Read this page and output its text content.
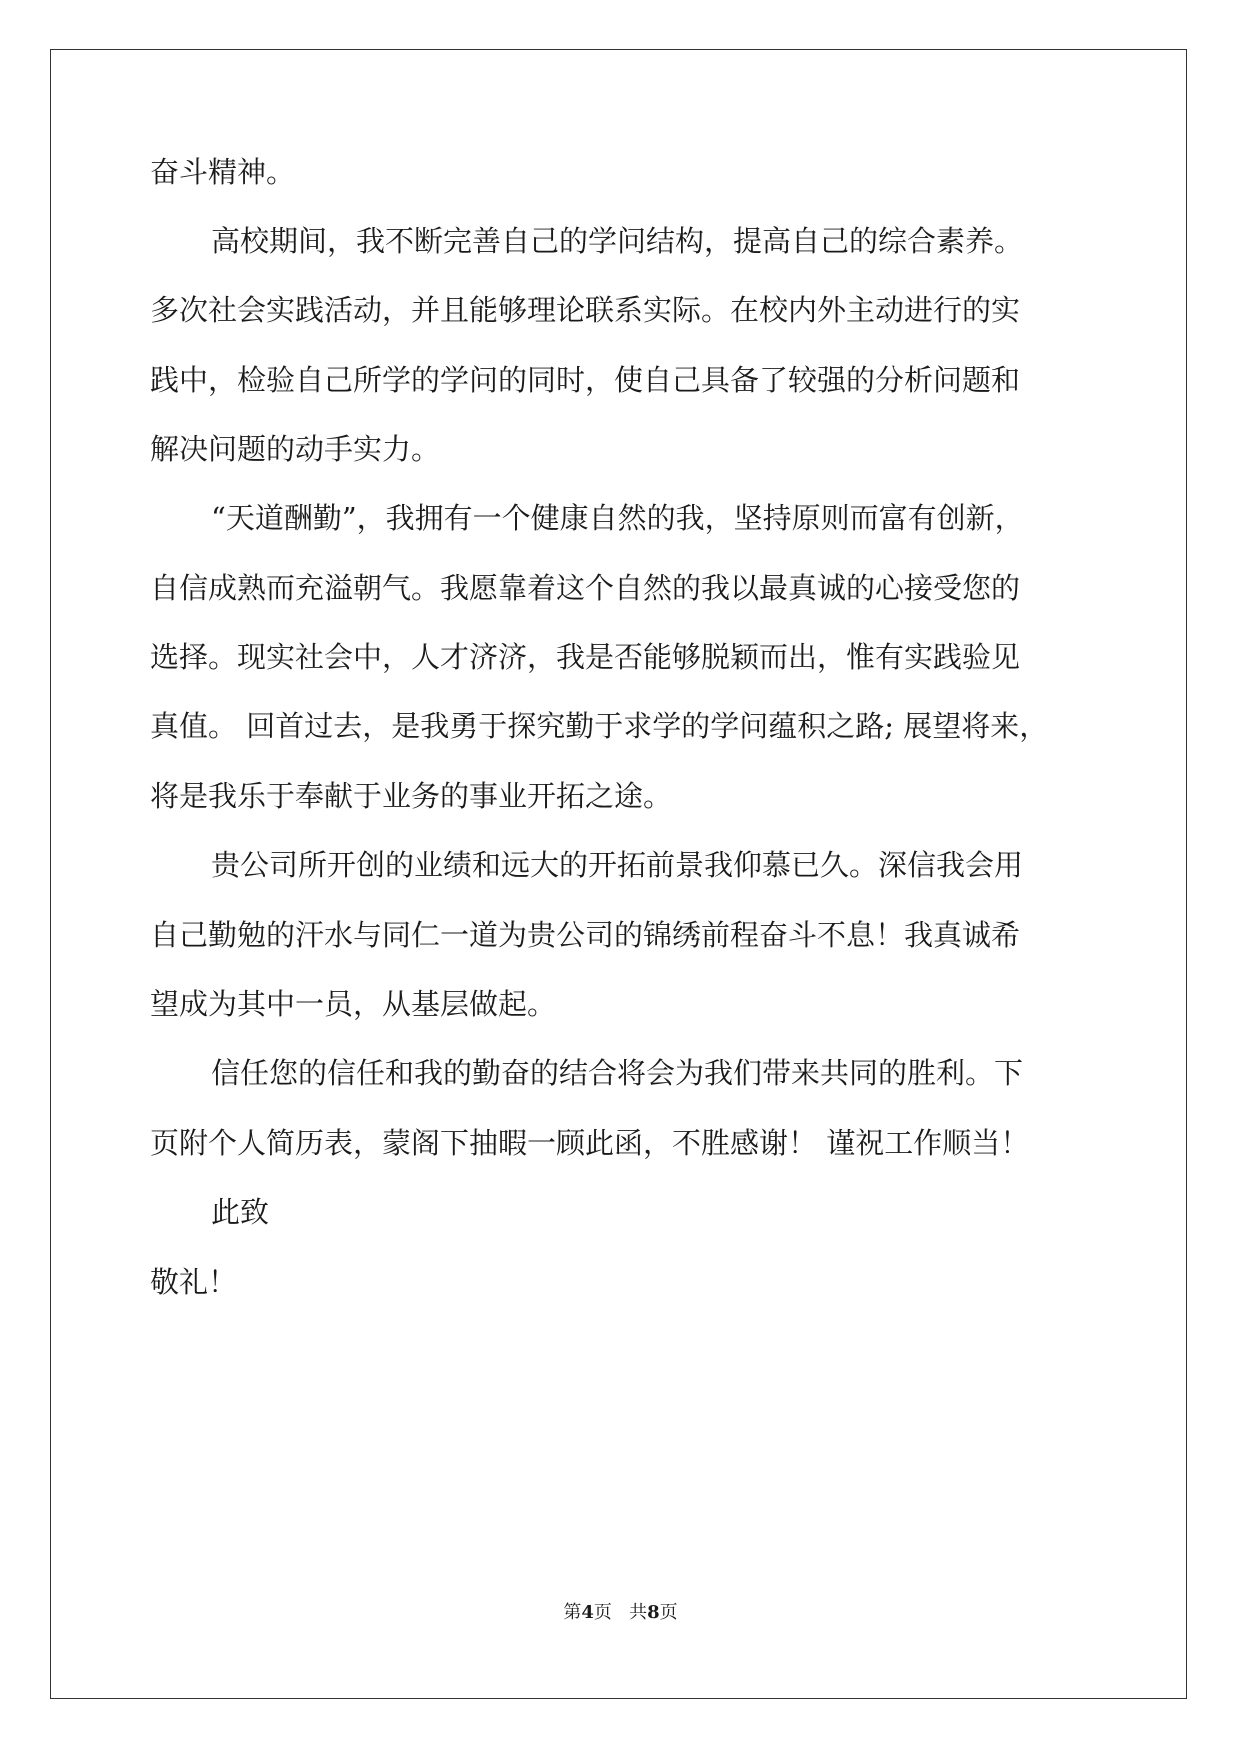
奋斗精神。

高校期间，我不断完善自己的学问结构，提高自己的综合素养。

多次社会实践活动，并且能够理论联系实际。在校内外主动进行的实

践中，检验自己所学的学问的同时，使自己具备了较强的分析问题和

解决问题的动手实力。

“天道酬勤”，我拥有一个健康自然的我，坚持原则而富有创新，

自信成熟而充溢朝气。我愿靠着这个自然的我以最真诚的心接受您的

选择。现实社会中，人才济济，我是否能够脱颖而出，惟有实践验见

真值。 回首过去，是我勇于探究勤于求学的学问蕴积之路; 展望将来，

将是我乐于奉献于业务的事业开拓之途。

贵公司所开创的业绩和远大的开拓前景我仰慕已久。深信我会用

自己勤勉的汗水与同仁一道为贵公司的锦绣前程奋斗不息！我真诚希

望成为其中一员，从基层做起。

信任您的信任和我的勤奋的结合将会为我们带来共同的胜利。下

页附个人简历表，蒙阁下抽暇一顾此函，不胜感谢！ 谨祝工作顺当！

此致

敬礼！

第4页 共8页
